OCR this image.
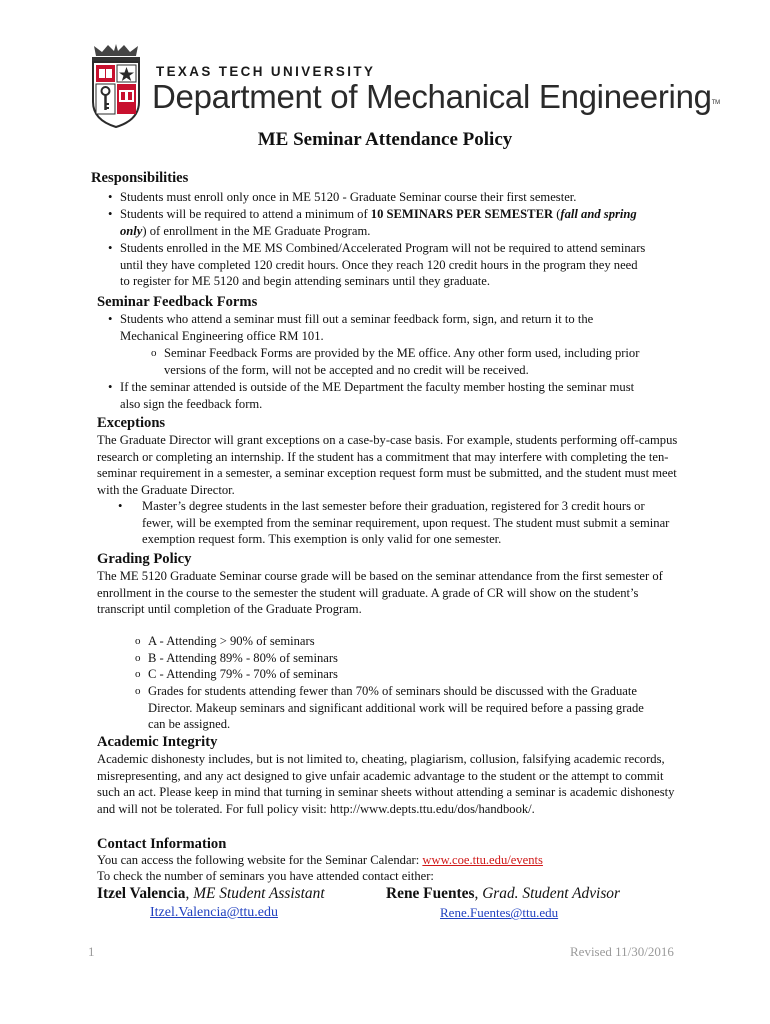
TEXAS TECH UNIVERSITY
Department of Mechanical Engineering™
ME Seminar Attendance Policy
Responsibilities
• Students must enroll only once in ME 5120 - Graduate Seminar course their first semester.
• Students will be required to attend a minimum of 10 SEMINARS PER SEMESTER (fall and spring only) of enrollment in the ME Graduate Program.
• Students enrolled in the ME MS Combined/Accelerated Program will not be required to attend seminars until they have completed 120 credit hours. Once they reach 120 credit hours in the program they need to register for ME 5120 and begin attending seminars until they graduate.
Seminar Feedback Forms
• Students who attend a seminar must fill out a seminar feedback form, sign, and return it to the Mechanical Engineering office RM 101.
o Seminar Feedback Forms are provided by the ME office. Any other form used, including prior versions of the form, will not be accepted and no credit will be received.
• If the seminar attended is outside of the ME Department the faculty member hosting the seminar must also sign the feedback form.
Exceptions
The Graduate Director will grant exceptions on a case-by-case basis. For example, students performing off-campus research or completing an internship. If the student has a commitment that may interfere with completing the ten-seminar requirement in a semester, a seminar exception request form must be submitted, and the student must meet with the Graduate Director.
• Master’s degree students in the last semester before their graduation, registered for 3 credit hours or fewer, will be exempted from the seminar requirement, upon request. The student must submit a seminar exemption request form. This exemption is only valid for one semester.
Grading Policy
The ME 5120 Graduate Seminar course grade will be based on the seminar attendance from the first semester of enrollment in the course to the semester the student will graduate. A grade of CR will show on the student’s transcript until completion of the Graduate Program.
o A - Attending > 90% of seminars
o B - Attending 89% - 80% of seminars
o C - Attending 79% - 70% of seminars
o Grades for students attending fewer than 70% of seminars should be discussed with the Graduate Director. Makeup seminars and significant additional work will be required before a passing grade can be assigned.
Academic Integrity
Academic dishonesty includes, but is not limited to, cheating, plagiarism, collusion, falsifying academic records, misrepresenting, and any act designed to give unfair academic advantage to the student or the attempt to commit such an act. Please keep in mind that turning in seminar sheets without attending a seminar is academic dishonesty and will not be tolerated. For full policy visit: http://www.depts.ttu.edu/dos/handbook/.
Contact Information
You can access the following website for the Seminar Calendar: www.coe.ttu.edu/events
To check the number of seminars you have attended contact either:
Itzel Valencia, ME Student Assistant	Rene Fuentes, Grad. Student Advisor
Itzel.Valencia@ttu.edu	Rene.Fuentes@ttu.edu
1	Revised 11/30/2016
